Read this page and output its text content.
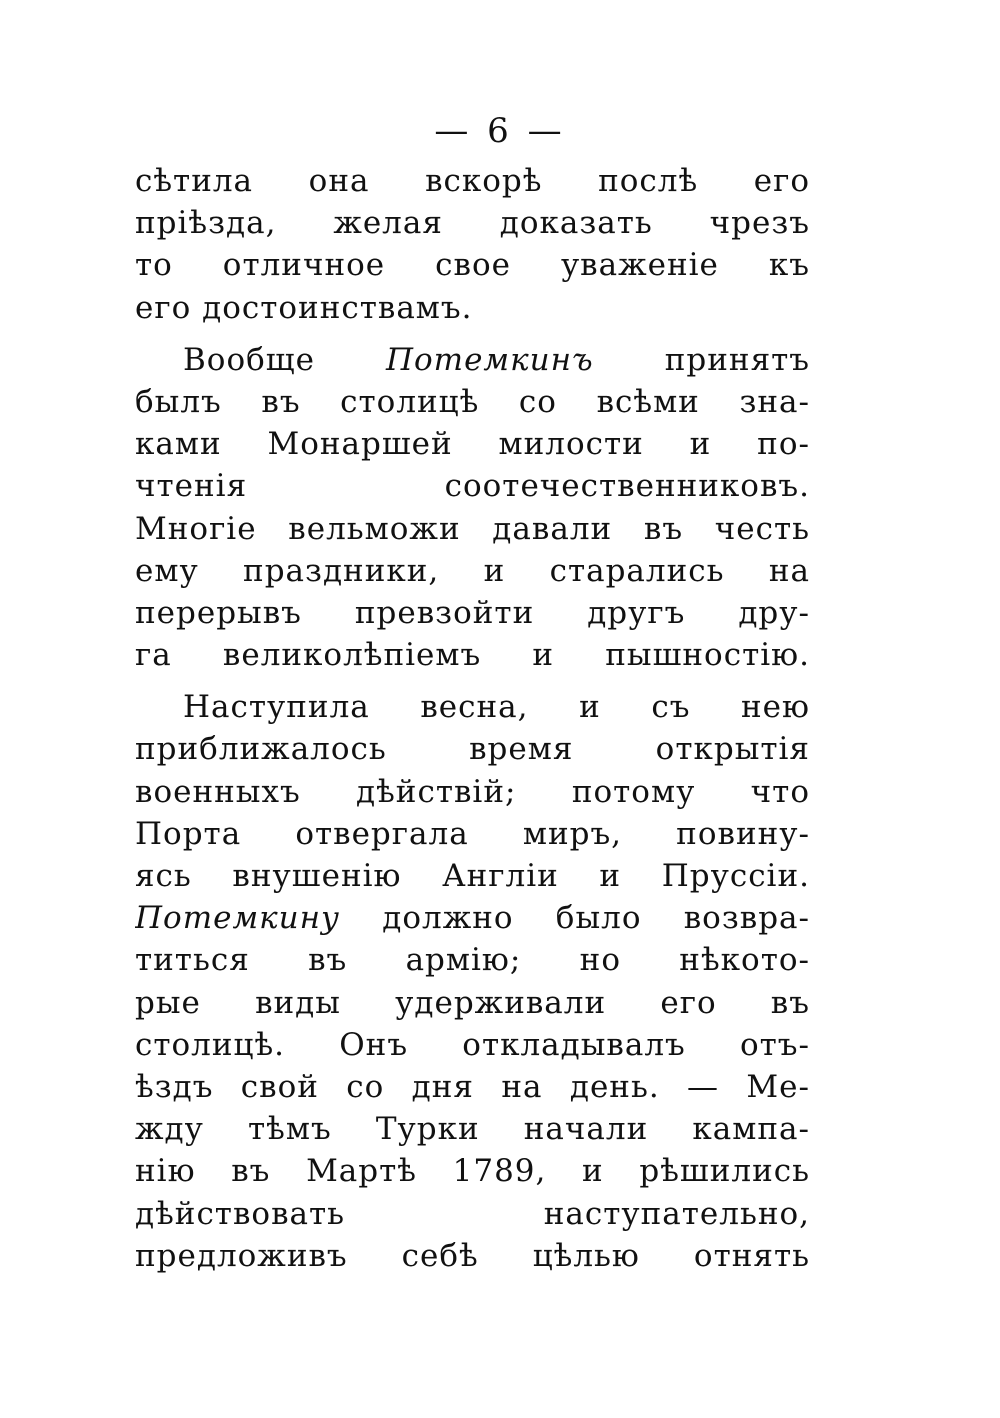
— 6 —
сѣтила она вскорѣ послѣ его
пріѣзда, желая доказать чрезъ
то отличное свое уваженіе къ
его достоинствамъ.
Вообще Потемкинъ принятъ
былъ въ столицѣ со всѣми зна-
ками Монаршей милости и по-
чтенія соотечественниковъ.
Многіе вельможи давали въ честь
ему праздники, и старались на
перерывъ превзойти другъ дру-
га великолѣпіемъ и пышностію.
Наступила весна, и съ нею
приближалось время открытія
военныхъ дѣйствій; потому что
Порта отвергала миръ, повину-
ясь внушенію Англіи и Пруссіи.
Потемкину должно было возвра-
титься въ армію; но нѣкото-
рые виды удерживали его въ
столицѣ. Онъ откладывалъ отъ-
ѣздъ свой со дня на день. — Ме-
жду тѣмъ Турки начали кампа-
нію въ Мартѣ 1789, и рѣшились
дѣйствовать наступательно,
предложивъ себѣ цѣлью отнять
